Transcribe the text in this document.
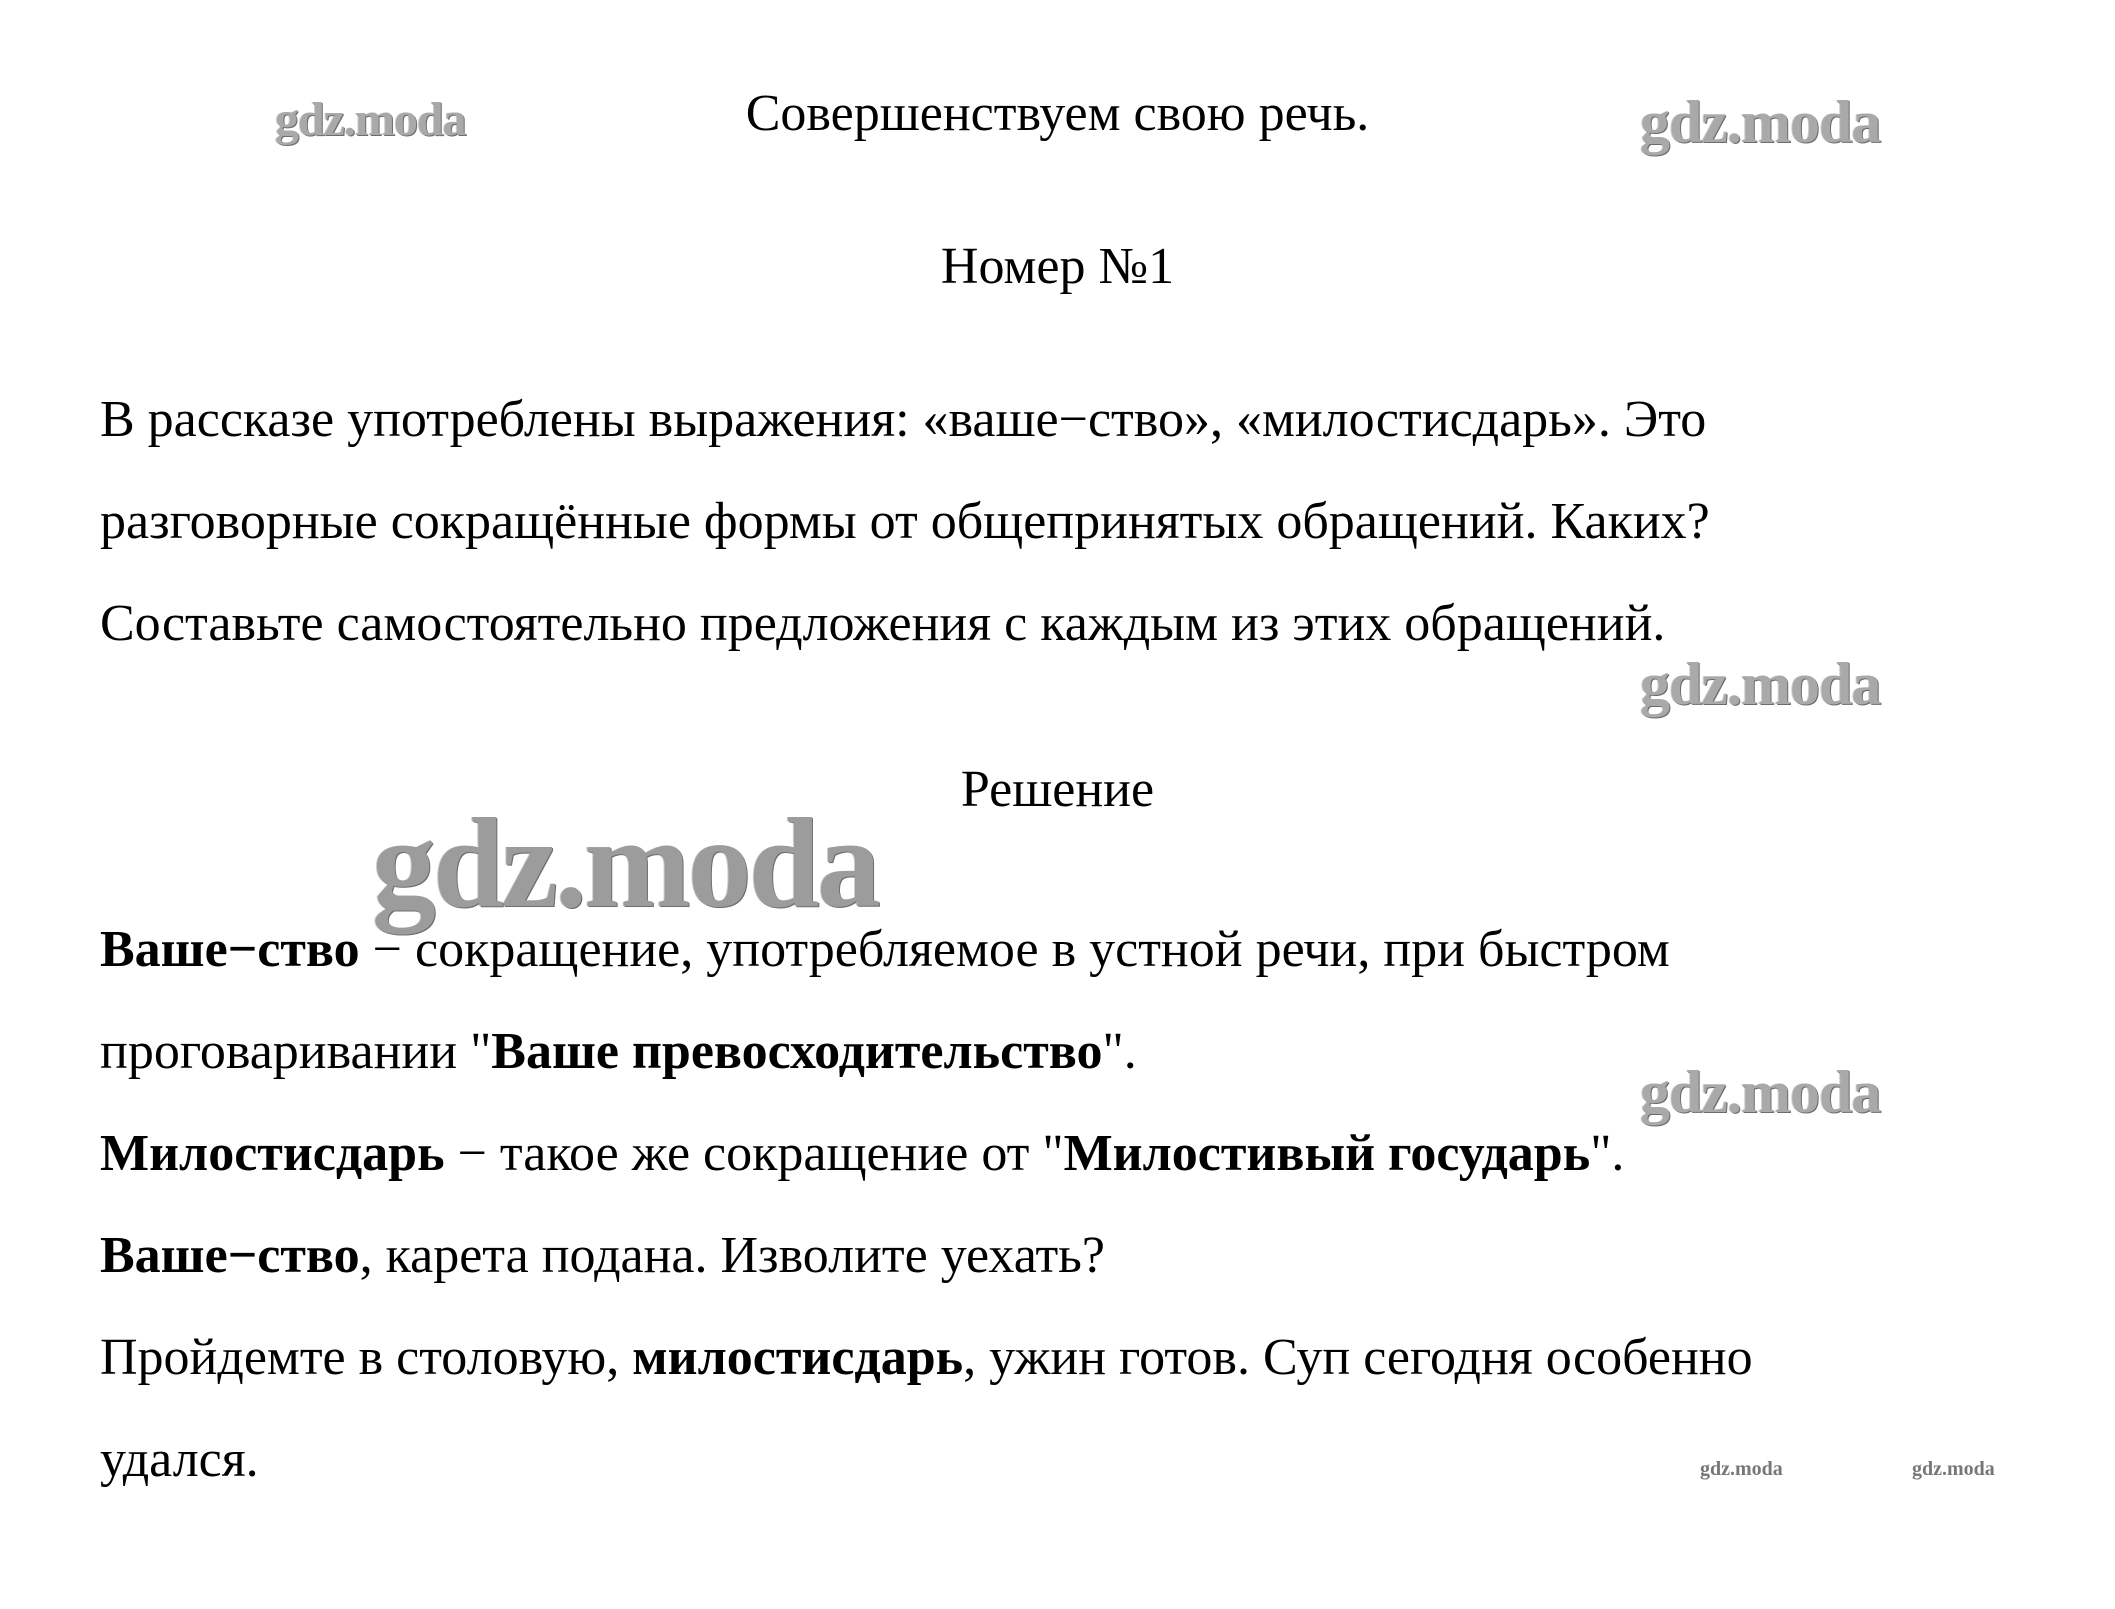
gdz.moda	gdz.moda
gdz.moda
gdz.moda
gdz.moda
gdz.moda	gdz.moda
Совершенствуем свою речь.
Номер №1
В рассказе употреблены выражения: «ваше−ство», «милостисдарь». Это
разговорные сокращённые формы от общепринятых обращений. Каких?
Составьте самостоятельно предложения с каждым из этих обращений.
Решение
Ваше−ство − сокращение, употребляемое в устной речи, при быстром
проговаривании "Ваше превосходительство".
Милостисдарь − такое же сокращение от "Милостивый государь".
Ваше−ство, карета подана. Изволите уехать?
Пройдемте в столовую, милостисдарь, ужин готов. Суп сегодня особенно
удался.
